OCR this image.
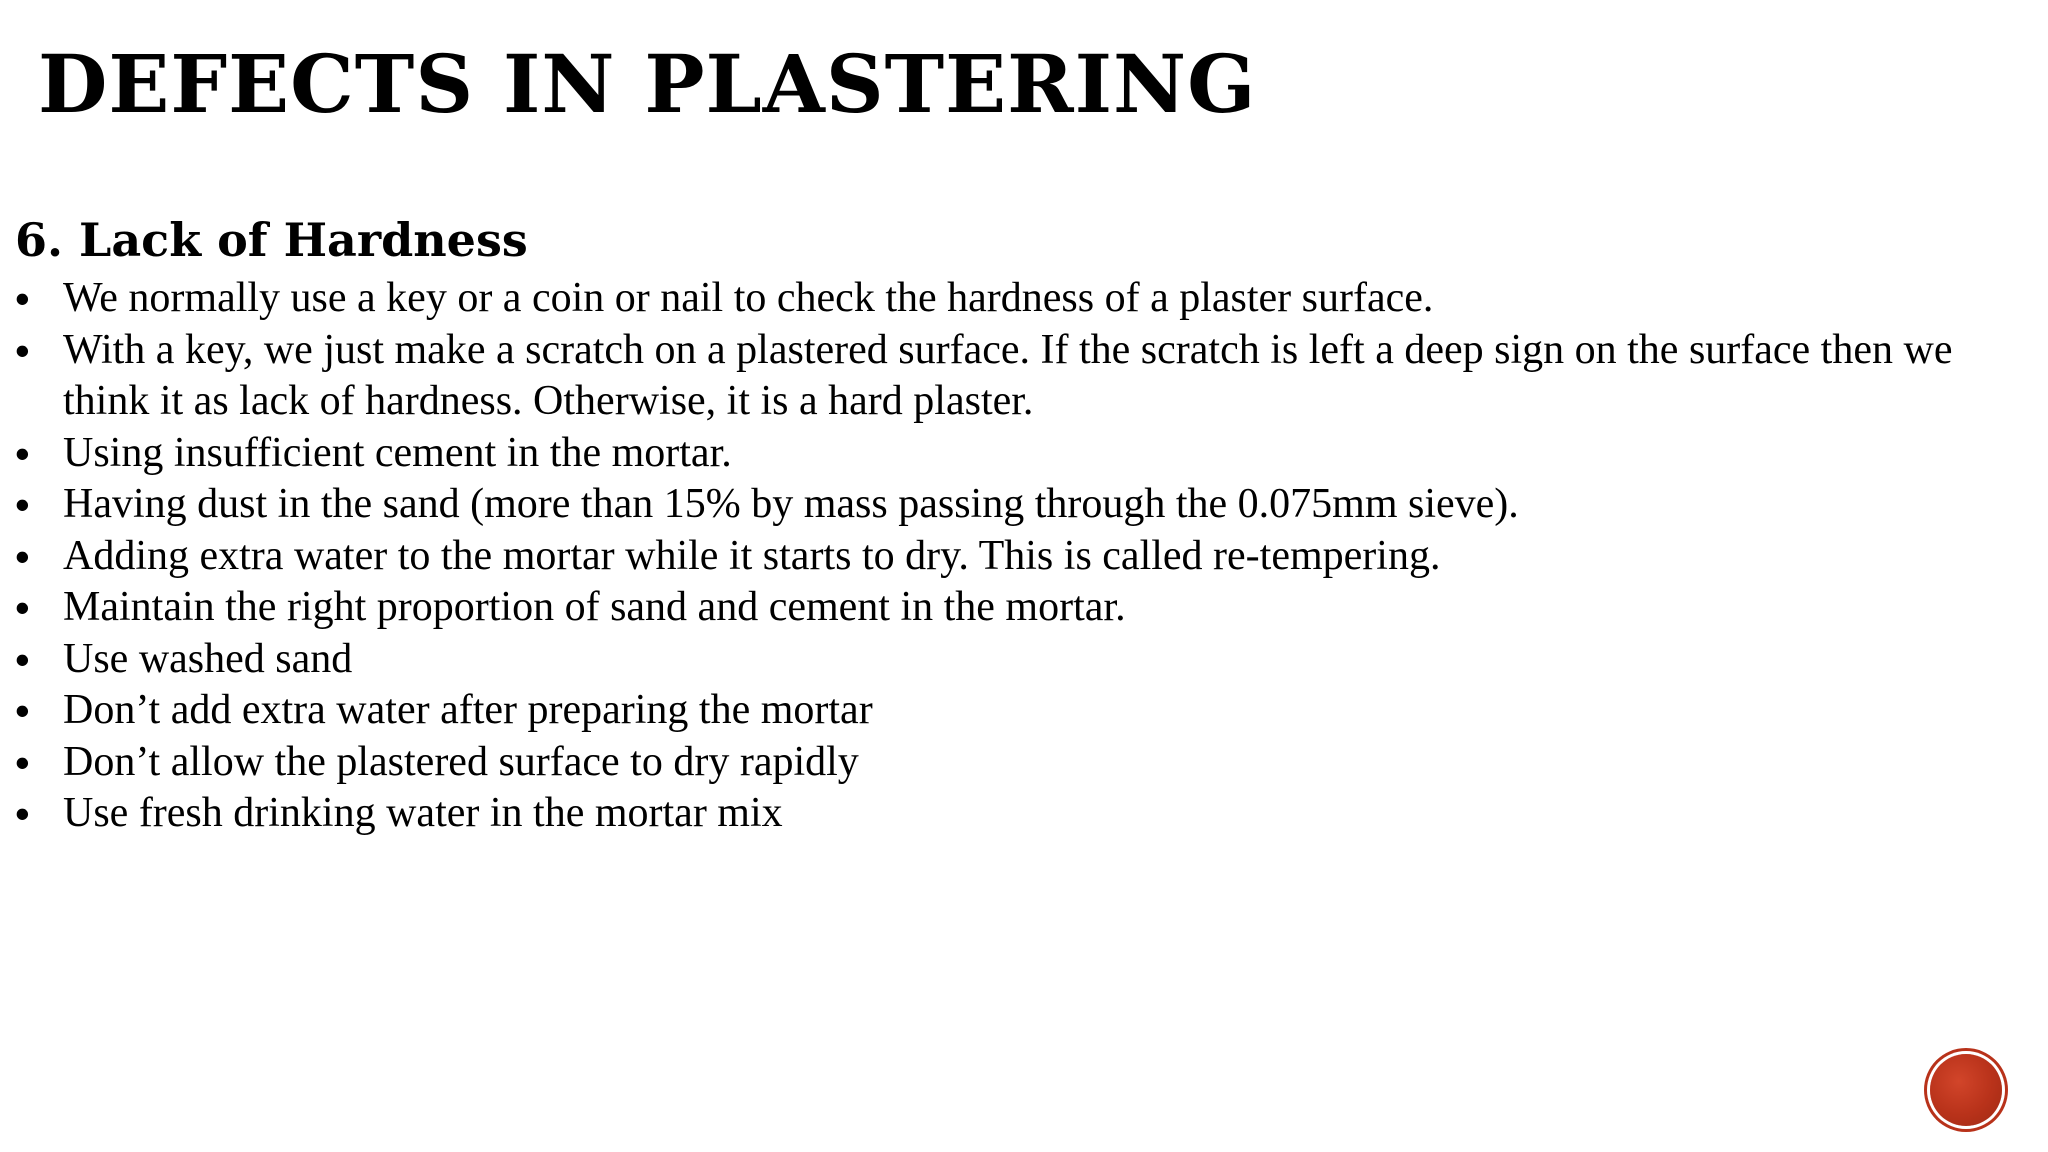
DEFECTS IN PLASTERING
6. Lack of Hardness
• We normally use a key or a coin or nail to check the hardness of a plaster surface.
• With a key, we just make a scratch on a plastered surface. If the scratch is left a deep sign on the surface then we think it as lack of hardness. Otherwise, it is a hard plaster.
• Using insufficient cement in the mortar.
• Having dust in the sand (more than 15% by mass passing through the 0.075mm sieve).
• Adding extra water to the mortar while it starts to dry. This is called re-tempering.
• Maintain the right proportion of sand and cement in the mortar.
• Use washed sand
• Don’t add extra water after preparing the mortar
• Don’t allow the plastered surface to dry rapidly
• Use fresh drinking water in the mortar mix
